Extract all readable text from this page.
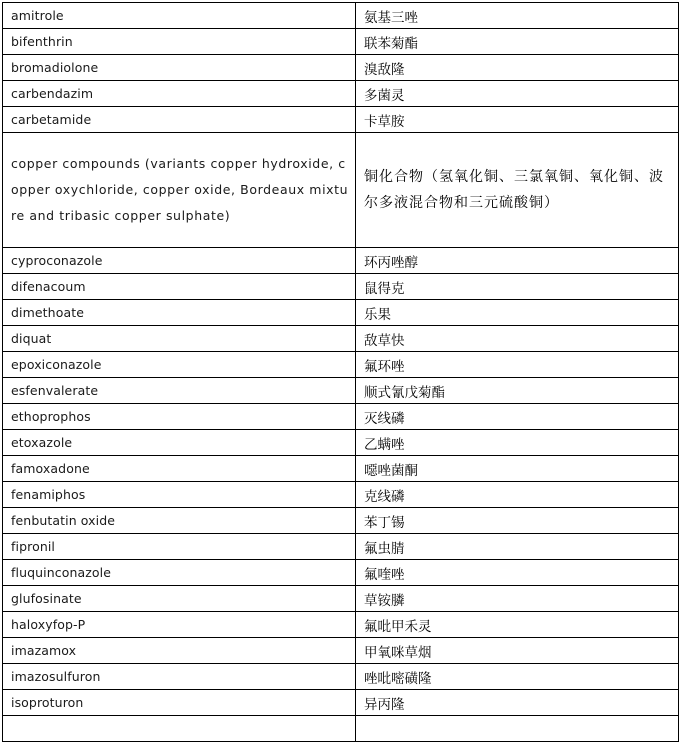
amitrole	氨基三唑
bifenthrin	联苯菊酯
bromadiolone	溴敌隆
carbendazim	多菌灵
carbetamide	卡草胺
copper compounds (variants copper hydroxide, copper oxychloride, copper oxide, Bordeaux mixture and tribasic copper sulphate)	铜化合物（氢氧化铜、三氯氧铜、氧化铜、波尔多液混合物和三元硫酸铜）
cyproconazole	环丙唑醇
difenacoum	鼠得克
dimethoate	乐果
diquat	敌草快
epoxiconazole	氟环唑
esfenvalerate	顺式氰戊菊酯
ethoprophos	灭线磷
etoxazole	乙螨唑
famoxadone	噁唑菌酮
fenamiphos	克线磷
fenbutatin oxide	苯丁锡
fipronil	氟虫腈
fluquinconazole	氟喹唑
glufosinate	草铵膦
haloxyfop-P	氟吡甲禾灵
imazamox	甲氧咪草烟
imazosulfuron	唑吡嘧磺隆
isoproturon	异丙隆
